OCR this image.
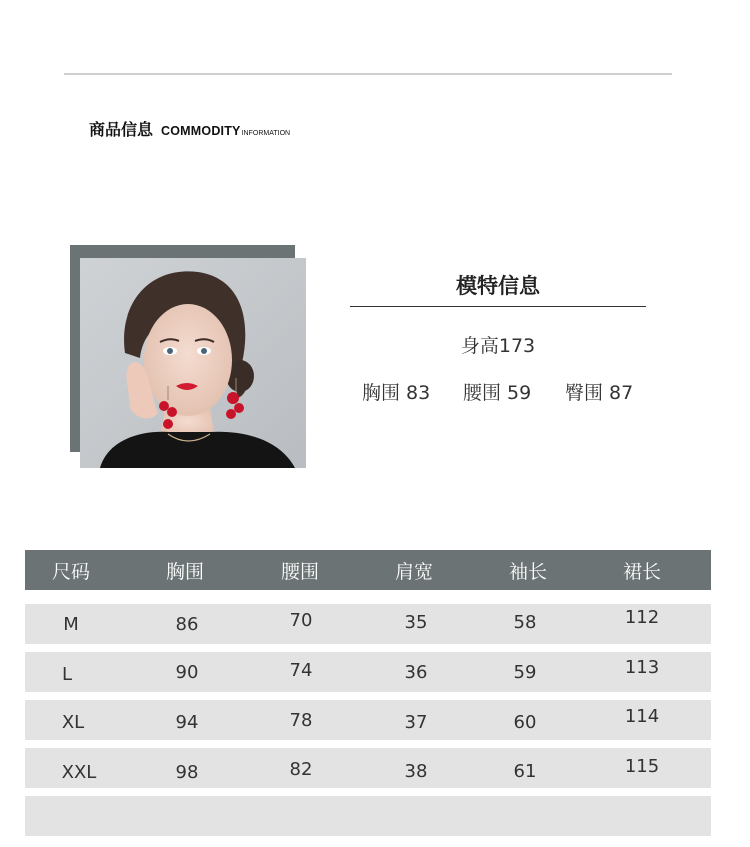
商品信息 COMMODITY INFORMATION
模特信息
身高173
胸围 83 腰围 59 臀围 87
尺码	胸围	腰围	肩宽	袖长	裙长
M	86	70	35	58	112
L	90	74	36	59	113
XL	94	78	37	60	114
XXL	98	82	38	61	115
